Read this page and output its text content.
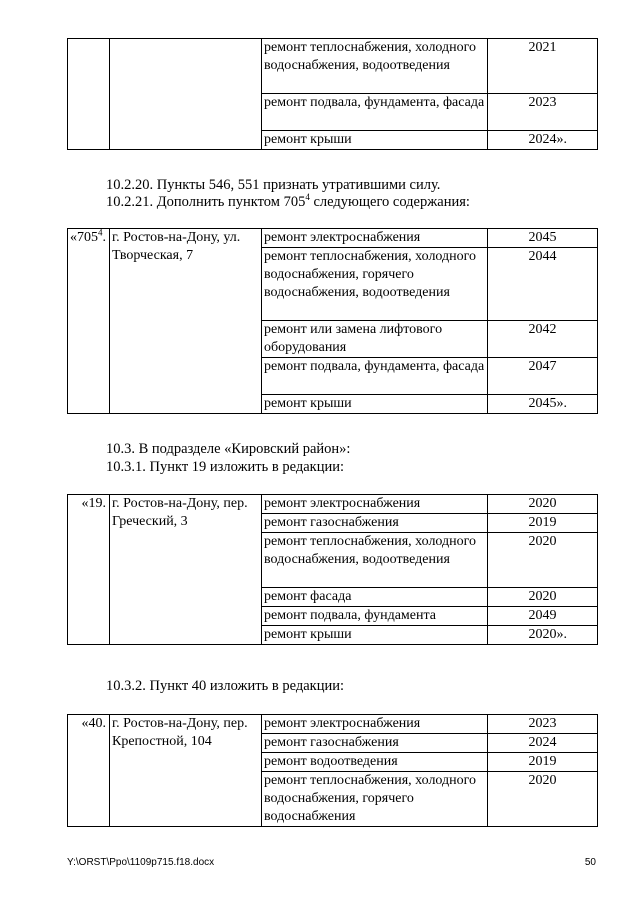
		ремонт теплоснабжения, холодного водоснабжения, водоотведения	2021
		ремонт подвала, фундамента, фасада	2023
		ремонт крыши	2024».
10.2.20. Пункты 546, 551 признать утратившими силу.
10.2.21. Дополнить пунктом $705^4$ следующего содержания:
«$705^4$.	г. Ростов-на-Дону, ул. Творческая, 7	ремонт электроснабжения	2045
		ремонт теплоснабжения, холодного водоснабжения, горячего водоснабжения, водоотведения	2044
		ремонт или замена лифтового оборудования	2042
		ремонт подвала, фундамента, фасада	2047
		ремонт крыши	2045».
10.3. В подразделе «Кировский район»:
10.3.1. Пункт 19 изложить в редакции:
«19.	г. Ростов-на-Дону, пер. Греческий, 3	ремонт электроснабжения	2020
		ремонт газоснабжения	2019
		ремонт теплоснабжения, холодного водоснабжения, водоотведения	2020
		ремонт фасада	2020
		ремонт подвала, фундамента	2049
		ремонт крыши	2020».
10.3.2. Пункт 40 изложить в редакции:
«40.	г. Ростов-на-Дону, пер. Крепостной, 104	ремонт электроснабжения	2023
		ремонт газоснабжения	2024
		ремонт водоотведения	2019
		ремонт теплоснабжения, холодного водоснабжения, горячего водоснабжения	2020
Y:\ORST\Ppo\1109p715.f18.docx	50
